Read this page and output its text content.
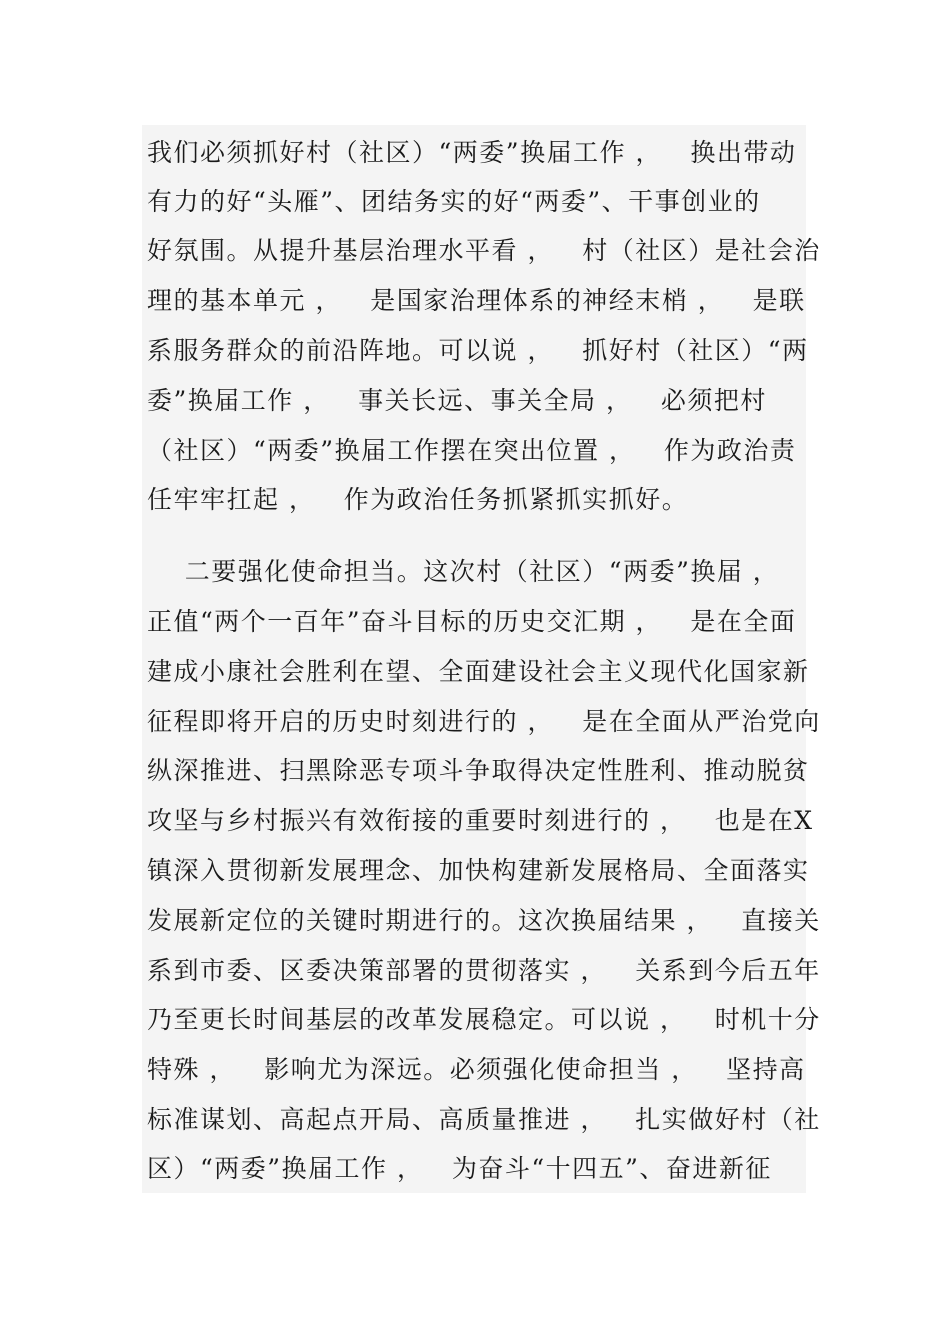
我们必须抓好村（社区）“两委”换届工作 ，   换出带动
有力的好“头雁”、团结务实的好“两委”、干事创业的
好氛围。从提升基层治理水平看 ，   村（社区）是社会治
理的基本单元 ，   是国家治理体系的神经末梢 ，   是联
系服务群众的前沿阵地。可以说 ，   抓好村（社区）“两
委”换届工作 ，   事关长远、事关全局 ，   必须把村
（社区）“两委”换届工作摆在突出位置 ，   作为政治责
任牢牢扛起 ，   作为政治任务抓紧抓实抓好。
二要强化使命担当。这次村（社区）“两委”换届 ，
正值“两个一百年”奋斗目标的历史交汇期 ，   是在全面
建成小康社会胜利在望、全面建设社会主义现代化国家新
征程即将开启的历史时刻进行的 ，   是在全面从严治党向
纵深推进、扫黑除恶专项斗争取得决定性胜利、推动脱贫
攻坚与乡村振兴有效衔接的重要时刻进行的 ，   也是在X
镇深入贯彻新发展理念、加快构建新发展格局、全面落实
发展新定位的关键时期进行的。这次换届结果 ，   直接关
系到市委、区委决策部署的贯彻落实 ，   关系到今后五年
乃至更长时间基层的改革发展稳定。可以说 ，   时机十分
特殊 ，   影响尤为深远。必须强化使命担当 ，   坚持高
标准谋划、高起点开局、高质量推进 ，   扎实做好村（社
区）“两委”换届工作 ，   为奋斗“十四五”、奋进新征
